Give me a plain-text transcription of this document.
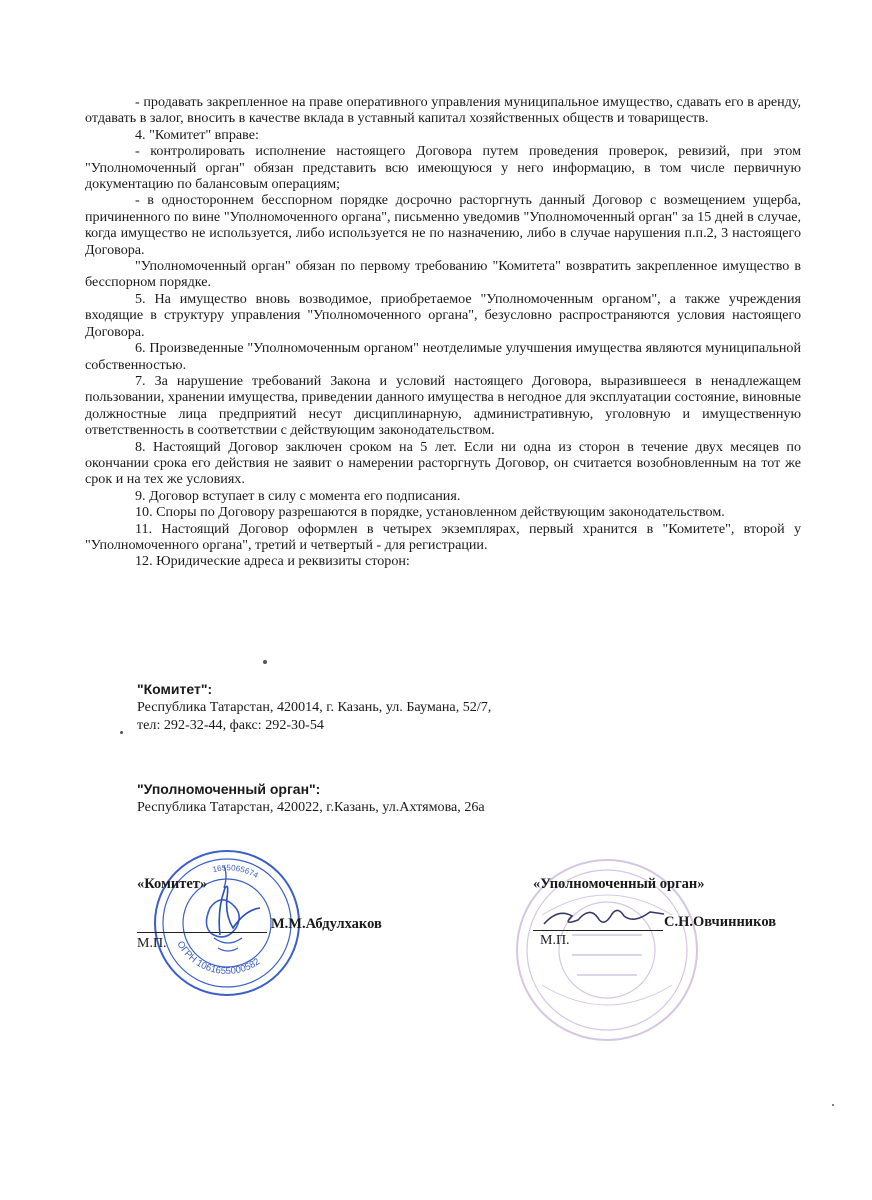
- продавать закрепленное на праве оперативного управления муниципальное имущество, сдавать его в аренду, отдавать в залог, вносить в качестве вклада в уставный капитал хозяйственных обществ и товариществ.

4. "Комитет" вправе:

- контролировать исполнение настоящего Договора путем проведения проверок, ревизий, при этом "Уполномоченный орган" обязан представить всю имеющуюся у него информацию, в том числе первичную документацию по балансовым операциям;

- в одностороннем бесспорном порядке досрочно расторгнуть данный Договор с возмещением ущерба, причиненного по вине "Уполномоченного органа", письменно уведомив "Уполномоченный орган" за 15 дней в случае, когда имущество не используется, либо используется не по назначению, либо в случае нарушения п.п.2, 3 настоящего Договора.

"Уполномоченный орган" обязан по первому требованию "Комитета" возвратить закрепленное имущество в бесспорном порядке.

5. На имущество вновь возводимое, приобретаемое "Уполномоченным органом", а также учреждения входящие в структуру управления "Уполномоченного органа", безусловно распространяются условия настоящего Договора.

6. Произведенные "Уполномоченным органом" неотделимые улучшения имущества являются муниципальной собственностью.

7. За нарушение требований Закона и условий настоящего Договора, выразившееся в ненадлежащем пользовании, хранении имущества, приведении данного имущества в негодное для эксплуатации состояние, виновные должностные лица предприятий несут дисциплинарную, административную, уголовную и имущественную ответственность в соответствии с действующим законодательством.

8. Настоящий Договор заключен сроком на 5 лет. Если ни одна из сторон в течение двух месяцев по окончании срока его действия не заявит о намерении расторгнуть Договор, он считается возобновленным на тот же срок и на тех же условиях.

9. Договор вступает в силу с момента его подписания.

10. Споры по Договору разрешаются в порядке, установленном действующим законодательством.

11. Настоящий Договор оформлен в четырех экземплярах, первый хранится в "Комитете", второй у "Уполномоченного органа", третий и четвертый - для регистрации.

12. Юридические адреса и реквизиты сторон:

"Комитет":
Республика Татарстан, 420014, г. Казань, ул. Баумана, 52/7,
тел: 292-32-44, факс: 292-30-54
"Уполномоченный орган":
Республика Татарстан, 420022, г.Казань, ул.Ахтямова, 26а
ОГРН 1061655000582
1655065674
«Комитет»
М.М.Абдулхаков
М.П.
«Уполномоченный орган»
С.Н.Овчинников
М.П.
